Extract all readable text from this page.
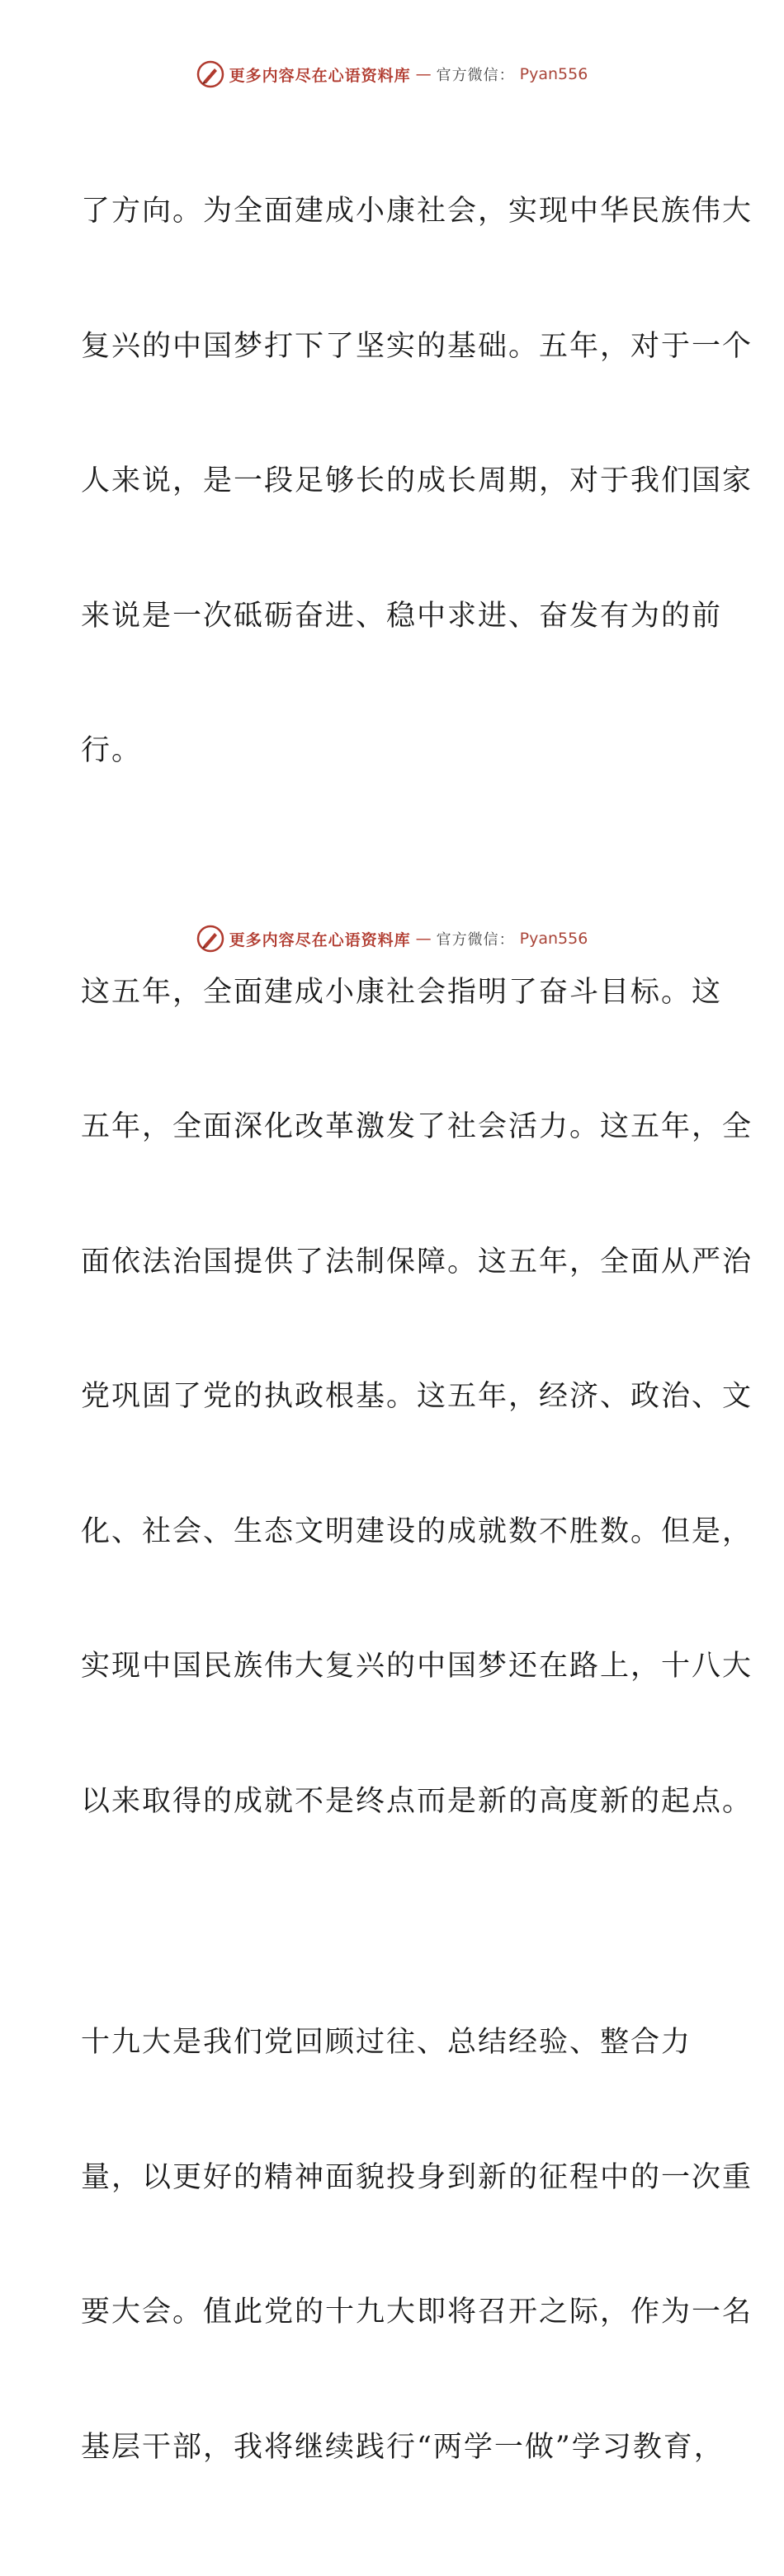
更多内容尽在心语资料库 — 官方微信： Pyan556

了方向。为全面建成小康社会，实现中华民族伟大

复兴的中国梦打下了坚实的基础。五年，对于一个

人来说，是一段足够长的成长周期，对于我们国家

来说是一次砥砺奋进、稳中求进、奋发有为的前

行。

这五年，全面建成小康社会指明了奋斗目标。这

五年，全面深化改革激发了社会活力。这五年，全

面依法治国提供了法制保障。这五年，全面从严治

党巩固了党的执政根基。这五年，经济、政治、文

化、社会、生态文明建设的成就数不胜数。但是，

实现中国民族伟大复兴的中国梦还在路上，十八大

以来取得的成就不是终点而是新的高度新的起点。

十九大是我们党回顾过往、总结经验、整合力

量，以更好的精神面貌投身到新的征程中的一次重

要大会。值此党的十九大即将召开之际，作为一名

基层干部，我将继续践行“两学一做”学习教育，

更多内容尽在心语资料库 — 官方微信： Pyan556
